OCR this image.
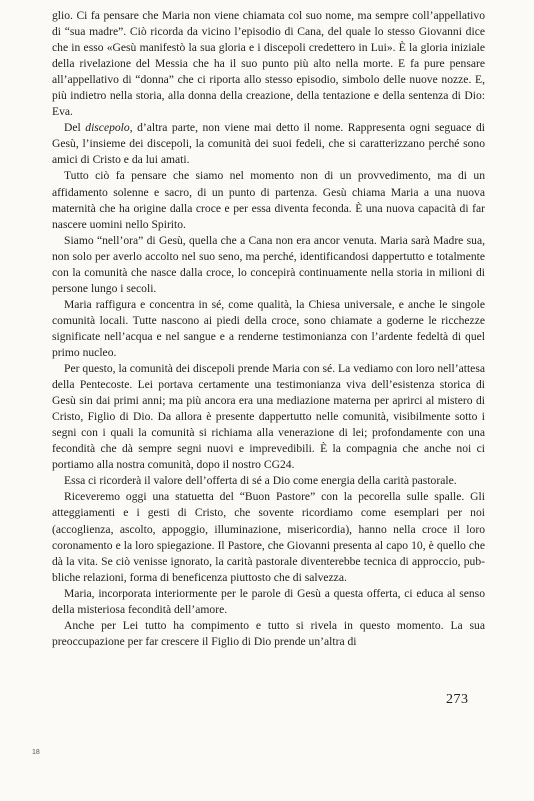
glio. Ci fa pensare che Maria non viene chiamata col suo nome, ma sempre coll’appellativo di “sua madre”. Ciò ricorda da vicino l’episodio di Cana, del quale lo stesso Giovanni dice che in esso «Gesù manifestò la sua gloria e i discepoli credettero in Lui». È la gloria iniziale della rivelazione del Messia che ha il suo punto più alto nella morte. E fa pure pensare all’appellativo di “donna” che ci riporta allo stesso episodio, simbolo delle nuove nozze. E, più indietro nella storia, alla donna della creazione, della tentazione e della sentenza di Dio: Eva.

Del discepolo, d’altra parte, non viene mai detto il nome. Rappresenta ogni seguace di Gesù, l’insieme dei discepoli, la comunità dei suoi fedeli, che si caratterizzano perché sono amici di Cristo e da lui amati.

Tutto ciò fa pensare che siamo nel momento non di un provvedimento, ma di un affidamento solenne e sacro, di un punto di partenza. Gesù chiama Maria a una nuova maternità che ha origine dalla croce e per essa diventa feconda. È una nuova capacità di far nascere uomini nello Spirito.

Siamo “nell’ora” di Gesù, quella che a Cana non era ancor venuta. Maria sarà Madre sua, non solo per averlo accolto nel suo seno, ma perché, identificandosi dappertutto e totalmente con la comunità che nasce dalla croce, lo concepirà continuamente nella storia in milioni di persone lungo i secoli.

Maria raffigura e concentra in sé, come qualità, la Chiesa universale, e anche le singole comunità locali. Tutte nascono ai piedi della croce, sono chiamate a goderne le ricchezze significate nell’acqua e nel sangue e a renderne testimonianza con l’ardente fedeltà di quel primo nucleo.

Per questo, la comunità dei discepoli prende Maria con sé. La vediamo con loro nell’attesa della Pentecoste. Lei portava certamente una testimonianza viva dell’esistenza storica di Gesù sin dai primi anni; ma più ancora era una mediazione materna per aprirci al mistero di Cristo, Figlio di Dio. Da allora è presente dappertutto nelle comunità, visibilmente sotto i segni con i quali la comunità si richiama alla venerazione di lei; profondamente con una fecondità che dà sempre segni nuovi e imprevedibili. È la compagnia che anche noi ci portiamo alla nostra comunità, dopo il nostro CG24.

Essa ci ricorderà il valore dell’offerta di sé a Dio come energia della carità pastorale.

Riceveremo oggi una statuetta del “Buon Pastore” con la pecorella sulle spalle. Gli atteggiamenti e i gesti di Cristo, che sovente ricordiamo come esemplari per noi (accoglienza, ascolto, appoggio, illuminazione, misericordia), hanno nella croce il loro coronamento e la loro spiegazione. Il Pastore, che Giovanni presenta al capo 10, è quello che dà la vita. Se ciò venisse ignorato, la carità pastorale diventerebbe tecnica di approccio, pubbliche relazioni, forma di beneficenza piuttosto che di salvezza.

Maria, incorporata interiormente per le parole di Gesù a questa offerta, ci educa al senso della misteriosa fecondità dell’amore.

Anche per Lei tutto ha compimento e tutto si rivela in questo momento. La sua preoccupazione per far crescere il Figlio di Dio prende un’altra di

273
18
